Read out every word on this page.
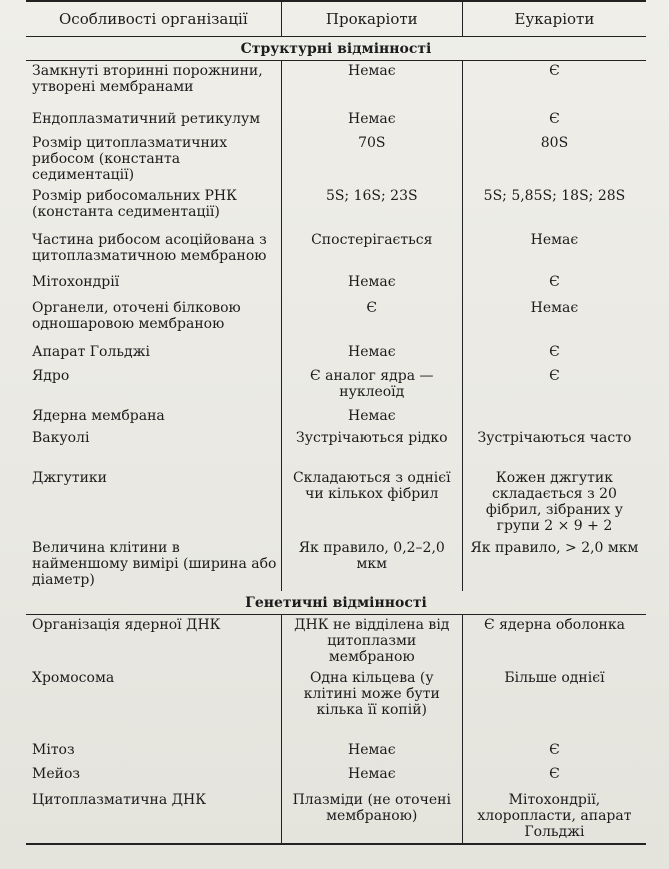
Особливості організації	Прокаріоти	Еукаріоти
Структурні відмінності		
Замкнуті вторинні порожнини, утворені мембранами	Немає	Є
Ендоплазматичний ретикулум	Немає	Є
Розмір цитоплазматичних рибосом (константа седиментації)	70S	80S
Розмір рибосомальних РНК (константа седиментації)	5S; 16S; 23S	5S; 5,85S; 18S; 28S
Частина рибосом асоційована з цитоплазматичною мембраною	Спостерігається	Немає
Мітохондрії	Немає	Є
Органели, оточені білковою одношаровою мембраною	Є	Немає
Апарат Гольджі	Немає	Є
Ядро	Є аналог ядра — нуклеоїд	Є
Ядерна мембрана	Немає	
Вакуолі	Зустрічаються рідко	Зустрічаються часто
Джгутики	Складаються з однієї чи кількох фібрил	Кожен джгутик складається з 20 фібрил, зібраних у групи 2 × 9 + 2
Величина клітини в найменшому вимірі (ширина або діаметр)	Як правило, 0,2–2,0 мкм	Як правило, > 2,0 мкм
Генетичні відмінності		
Організація ядерної ДНК	ДНК не відділена від цитоплазми мембраною	Є ядерна оболонка
Хромосома	Одна кільцева (у клітині може бути кілька її копій)	Більше однієї
Мітоз	Немає	Є
Мейоз	Немає	Є
Цитоплазматична ДНК	Плазміди (не оточені мембраною)	Мітохондрії, хлоропласти, апарат Гольджі
